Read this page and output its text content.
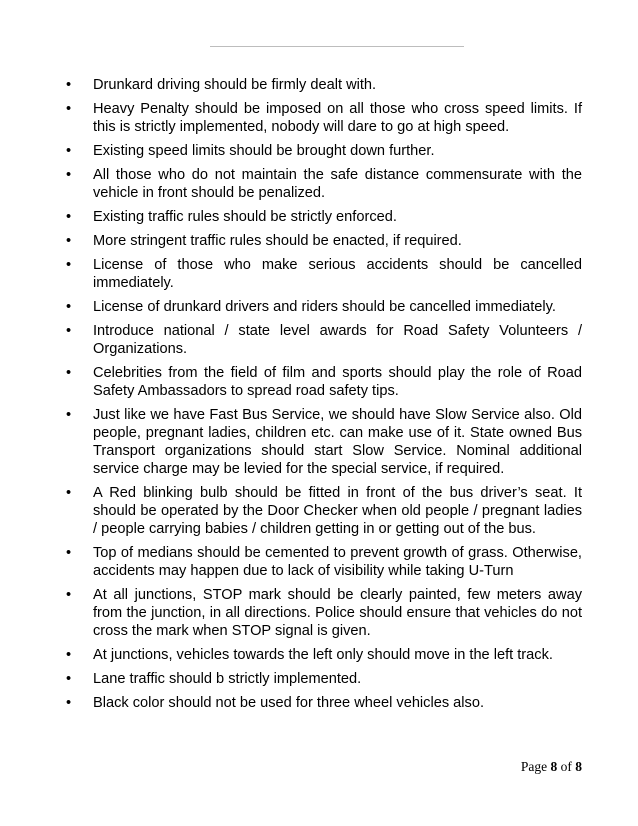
• Drunkard driving should be firmly dealt with.
• Heavy Penalty should be imposed on all those who cross speed limits. If this is strictly implemented, nobody will dare to go at high speed.
• Existing speed limits should be brought down further.
• All those who do not maintain the safe distance commensurate with the vehicle in front should be penalized.
• Existing traffic rules should be strictly enforced.
• More stringent traffic rules should be enacted, if required.
• License of those who make serious accidents should be cancelled immediately.
• License of drunkard drivers and riders should be cancelled immediately.
• Introduce national / state level awards for Road Safety Volunteers / Organizations.
• Celebrities from the field of film and sports should play the role of Road Safety Ambassadors to spread road safety tips.
• Just like we have Fast Bus Service, we should have Slow Service also. Old people, pregnant ladies, children etc. can make use of it. State owned Bus Transport organizations should start Slow Service. Nominal additional service charge may be levied for the special service, if required.
• A Red blinking bulb should be fitted in front of the bus driver’s seat. It should be operated by the Door Checker when old people / pregnant ladies / people carrying babies / children getting in or getting out of the bus.
• Top of medians should be cemented to prevent growth of grass. Otherwise, accidents may happen due to lack of visibility while taking U-Turn
• At all junctions, STOP mark should be clearly painted, few meters away from the junction, in all directions. Police should ensure that vehicles do not cross the mark when STOP signal is given.
• At junctions, vehicles towards the left only should move in the left track.
• Lane traffic should b strictly implemented.
• Black color should not be used for three wheel vehicles also.
Page 8 of 8
